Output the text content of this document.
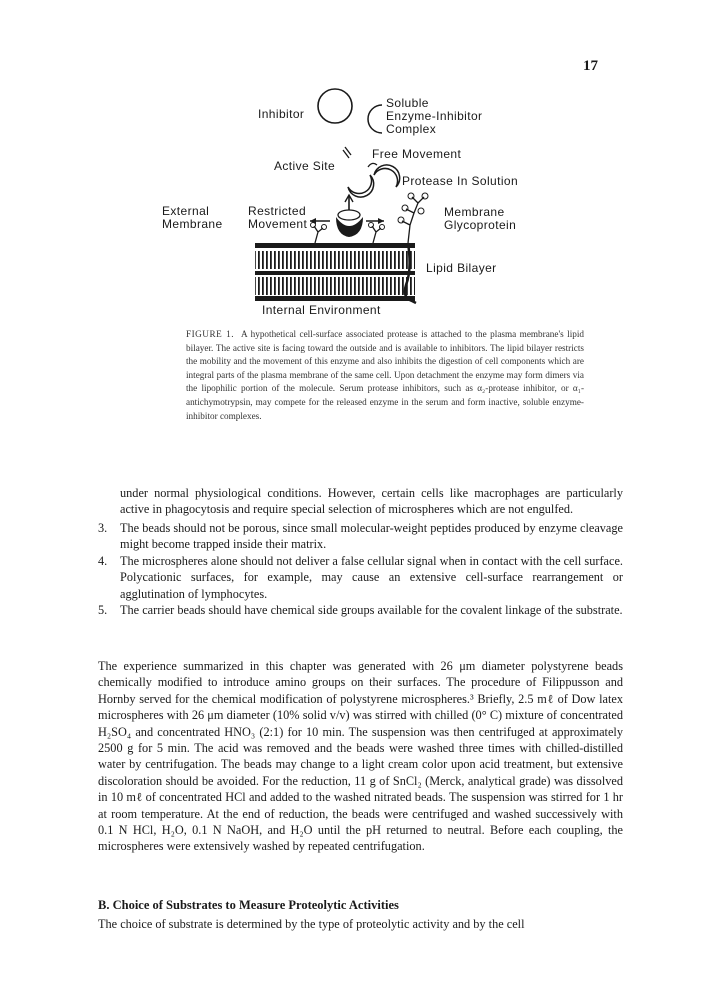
17
Inhibitor
Soluble
Enzyme-Inhibitor
Complex
Free Movement
Active Site
Protease In Solution
External
Membrane
Restricted
Movement
Membrane
Glycoprotein
Lipid Bilayer
Internal Environment
FIGURE 1. A hypothetical cell-surface associated protease is attached to the plasma membrane's lipid bilayer. The active site is facing toward the outside and is available to inhibitors. The lipid bilayer restricts the mobility and the movement of this enzyme and also inhibits the digestion of cell components which are integral parts of the plasma membrane of the same cell. Upon detachment the enzyme may form dimers via the lipophilic portion of the molecule. Serum protease inhibitors, such as α₂-protease inhibitor, or α₁-antichymotrypsin, may compete for the released enzyme in the serum and form inactive, soluble enzyme-inhibitor complexes.
under normal physiological conditions. However, certain cells like macrophages are particularly active in phagocytosis and require special selection of microspheres which are not engulfed.
3. The beads should not be porous, since small molecular-weight peptides produced by enzyme cleavage might become trapped inside their matrix.
4. The microspheres alone should not deliver a false cellular signal when in contact with the cell surface. Polycationic surfaces, for example, may cause an extensive cell-surface rearrangement or agglutination of lymphocytes.
5. The carrier beads should have chemical side groups available for the covalent linkage of the substrate.
The experience summarized in this chapter was generated with 26 μm diameter polystyrene beads chemically modified to introduce amino groups on their surfaces. The procedure of Filippusson and Hornby served for the chemical modification of polystyrene microspheres.³ Briefly, 2.5 mℓ of Dow latex microspheres with 26 μm diameter (10% solid v/v) was stirred with chilled (0° C) mixture of concentrated H₂SO₄ and concentrated HNO₃ (2:1) for 10 min. The suspension was then centrifuged at approximately 2500 g for 5 min. The acid was removed and the beads were washed three times with chilled-distilled water by centrifugation. The beads may change to a light cream color upon acid treatment, but extensive discoloration should be avoided. For the reduction, 11 g of SnCl₂ (Merck, analytical grade) was dissolved in 10 mℓ of concentrated HCl and added to the washed nitrated beads. The suspension was stirred for 1 hr at room temperature. At the end of reduction, the beads were centrifuged and washed successively with 0.1 N HCl, H₂O, 0.1 N NaOH, and H₂O until the pH returned to neutral. Before each coupling, the microspheres were extensively washed by repeated centrifugation.
B. Choice of Substrates to Measure Proteolytic Activities
The choice of substrate is determined by the type of proteolytic activity and by the cell
